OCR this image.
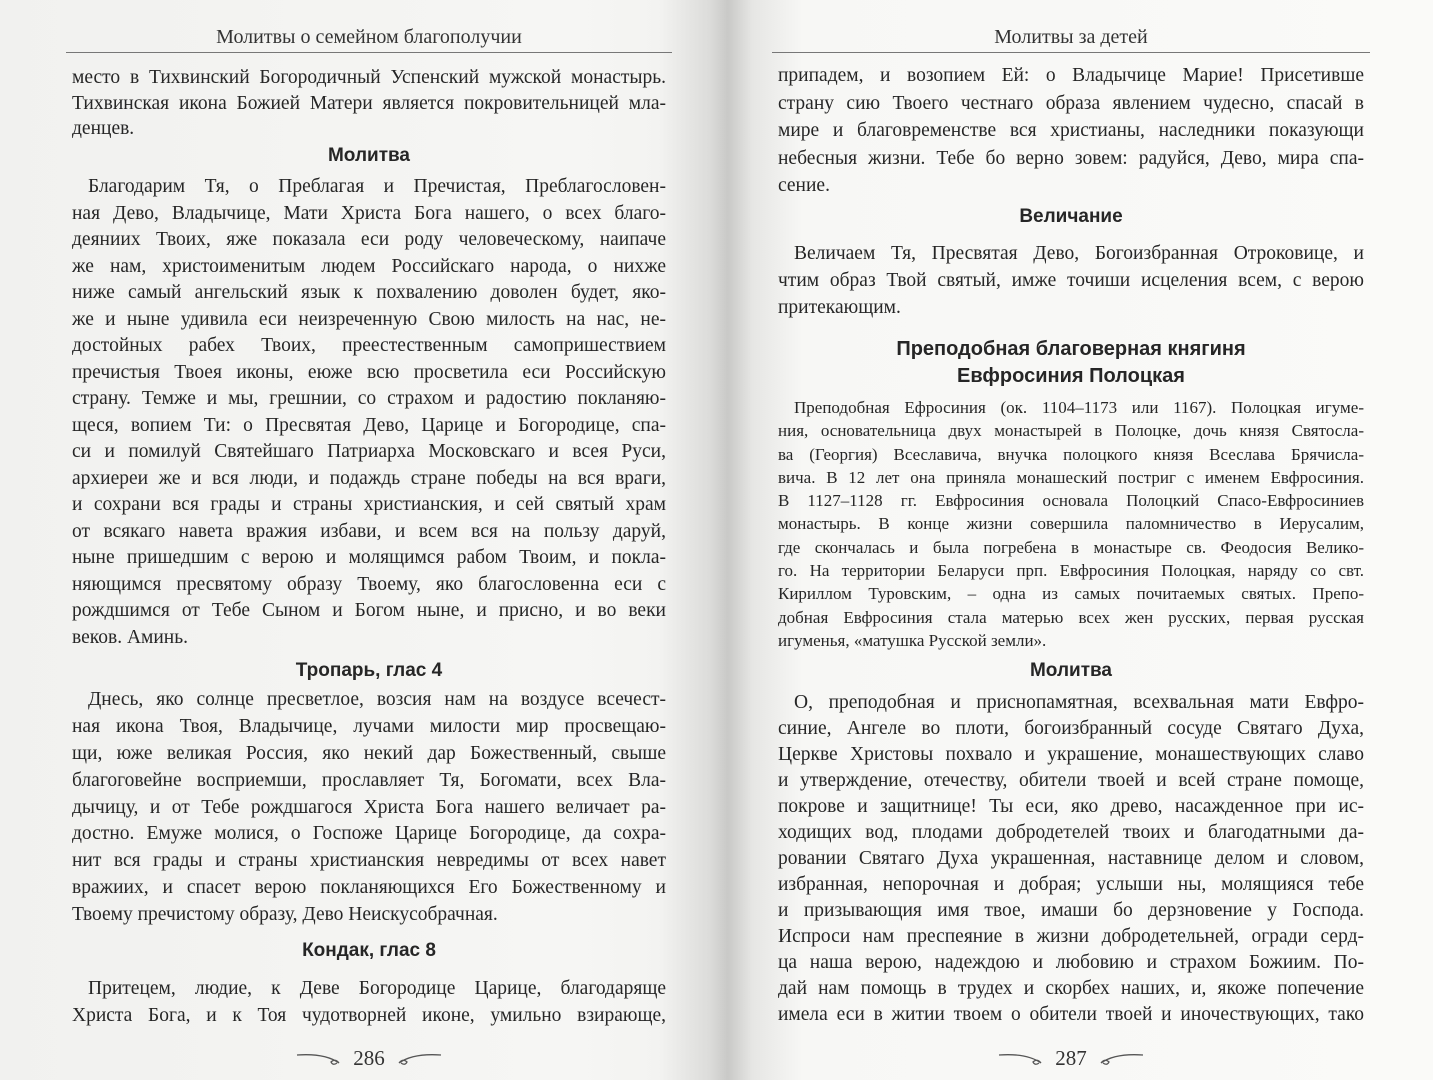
Молитвы о семейном благополучии
место в Тихвинский Богородичный Успенский мужской монастырь.
Тихвинская икона Божией Матери является покровительницей мла-
денцев.
Молитва
Благодарим Тя, о Преблагая и Пречистая, Преблагословен-
ная Дево, Владычице, Мати Христа Бога нашего, о всех благо-
деяниих Твоих, яже показала еси роду человеческому, наипаче
же нам, христоименитым людем Российскаго народа, о нихже
ниже самый ангельский язык к похвалению доволен будет, яко-
же и ныне удивила еси неизреченную Свою милость на нас, не-
достойных рабех Твоих, преестественным самопришествием
пречистыя Твоея иконы, еюже всю просветила еси Российскую
страну. Темже и мы, грешнии, со страхом и радостию покланяю-
щеся, вопием Ти: о Пресвятая Дево, Царице и Богородице, спа-
си и помилуй Святейшаго Патриарха Московскаго и всея Руси,
архиереи же и вся люди, и подаждь стране победы на вся враги,
и сохрани вся грады и страны христианския, и сей святый храм
от всякаго навета вражия избави, и всем вся на пользу даруй,
ныне пришедшим с верою и молящимся рабом Твоим, и покла-
няющимся пресвятому образу Твоему, яко благословенна еси с
рождшимся от Тебе Сыном и Богом ныне, и присно, и во веки
веков. Аминь.
Тропарь, глас 4
Днесь, яко солнце пресветлое, возсия нам на воздусе всечест-
ная икона Твоя, Владычице, лучами милости мир просвещаю-
щи, юже великая Россия, яко некий дар Божественный, свыше
благоговейне восприемши, прославляет Тя, Богомати, всех Вла-
дычицу, и от Тебе рождшагося Христа Бога нашего величает ра-
достно. Емуже молися, о Госпоже Царице Богородице, да сохра-
нит вся грады и страны христианския невредимы от всех навет
вражиих, и спасет верою покланяющихся Его Божественному и
Твоему пречистому образу, Дево Неискусобрачная.
Кондак, глас 8
Притецем, людие, к Деве Богородице Царице, благодаряще
Христа Бога, и к Тоя чудотворней иконе, умильно взирающе,
286
Молитвы за детей
припадем, и возопием Ей: о Владычице Марие! Присетивше
страну сию Твоего честнаго образа явлением чудесно, спасай в
мире и благовременстве вся христианы, наследники показующи
небесныя жизни. Тебе бо верно зовем: радуйся, Дево, мира спа-
сение.
Величание
Величаем Тя, Пресвятая Дево, Богоизбранная Отроковице, и
чтим образ Твой святый, имже точиши исцеления всем, с верою
притекающим.
Преподобная благоверная княгиня
Евфросиния Полоцкая
Преподобная Ефросиния (ок. 1104–1173 или 1167). Полоцкая игуме-
ния, основательница двух монастырей в Полоцке, дочь князя Святосла-
ва (Георгия) Всеславича, внучка полоцкого князя Всеслава Брячисла-
вича. В 12 лет она приняла монашеский постриг с именем Евфросиния.
В 1127–1128 гг. Евфросиния основала Полоцкий Спасо-Евфросиниев
монастырь. В конце жизни совершила паломничество в Иерусалим,
где скончалась и была погребена в монастыре св. Феодосия Велико-
го. На территории Беларуси прп. Евфросиния Полоцкая, наряду со свт.
Кириллом Туровским, – одна из самых почитаемых святых. Препо-
добная Евфросиния стала матерью всех жен русских, первая русская
игуменья, «матушка Русской земли».
Молитва
О, преподобная и приснопамятная, всехвальная мати Евфро-
синие, Ангеле во плоти, богоизбранный сосуде Святаго Духа,
Церкве Христовы похвало и украшение, монашествующих славо
и утверждение, отечеству, обители твоей и всей стране помоще,
покрове и защитнице! Ты еси, яко древо, насажденное при ис-
ходищих вод, плодами добродетелей твоих и благодатными да-
ровании Святаго Духа украшенная, наставнице делом и словом,
избранная, непорочная и добрая; услыши ны, молящияся тебе
и призывающия имя твое, имаши бо дерзновение у Господа.
Испроси нам преспеяние в жизни добродетельней, огради серд-
ца наша верою, надеждою и любовию и страхом Божиим. По-
дай нам помощь в трудех и скорбех наших, и, якоже попечение
имела еси в житии твоем о обители твоей и иночествующих, тако
287
